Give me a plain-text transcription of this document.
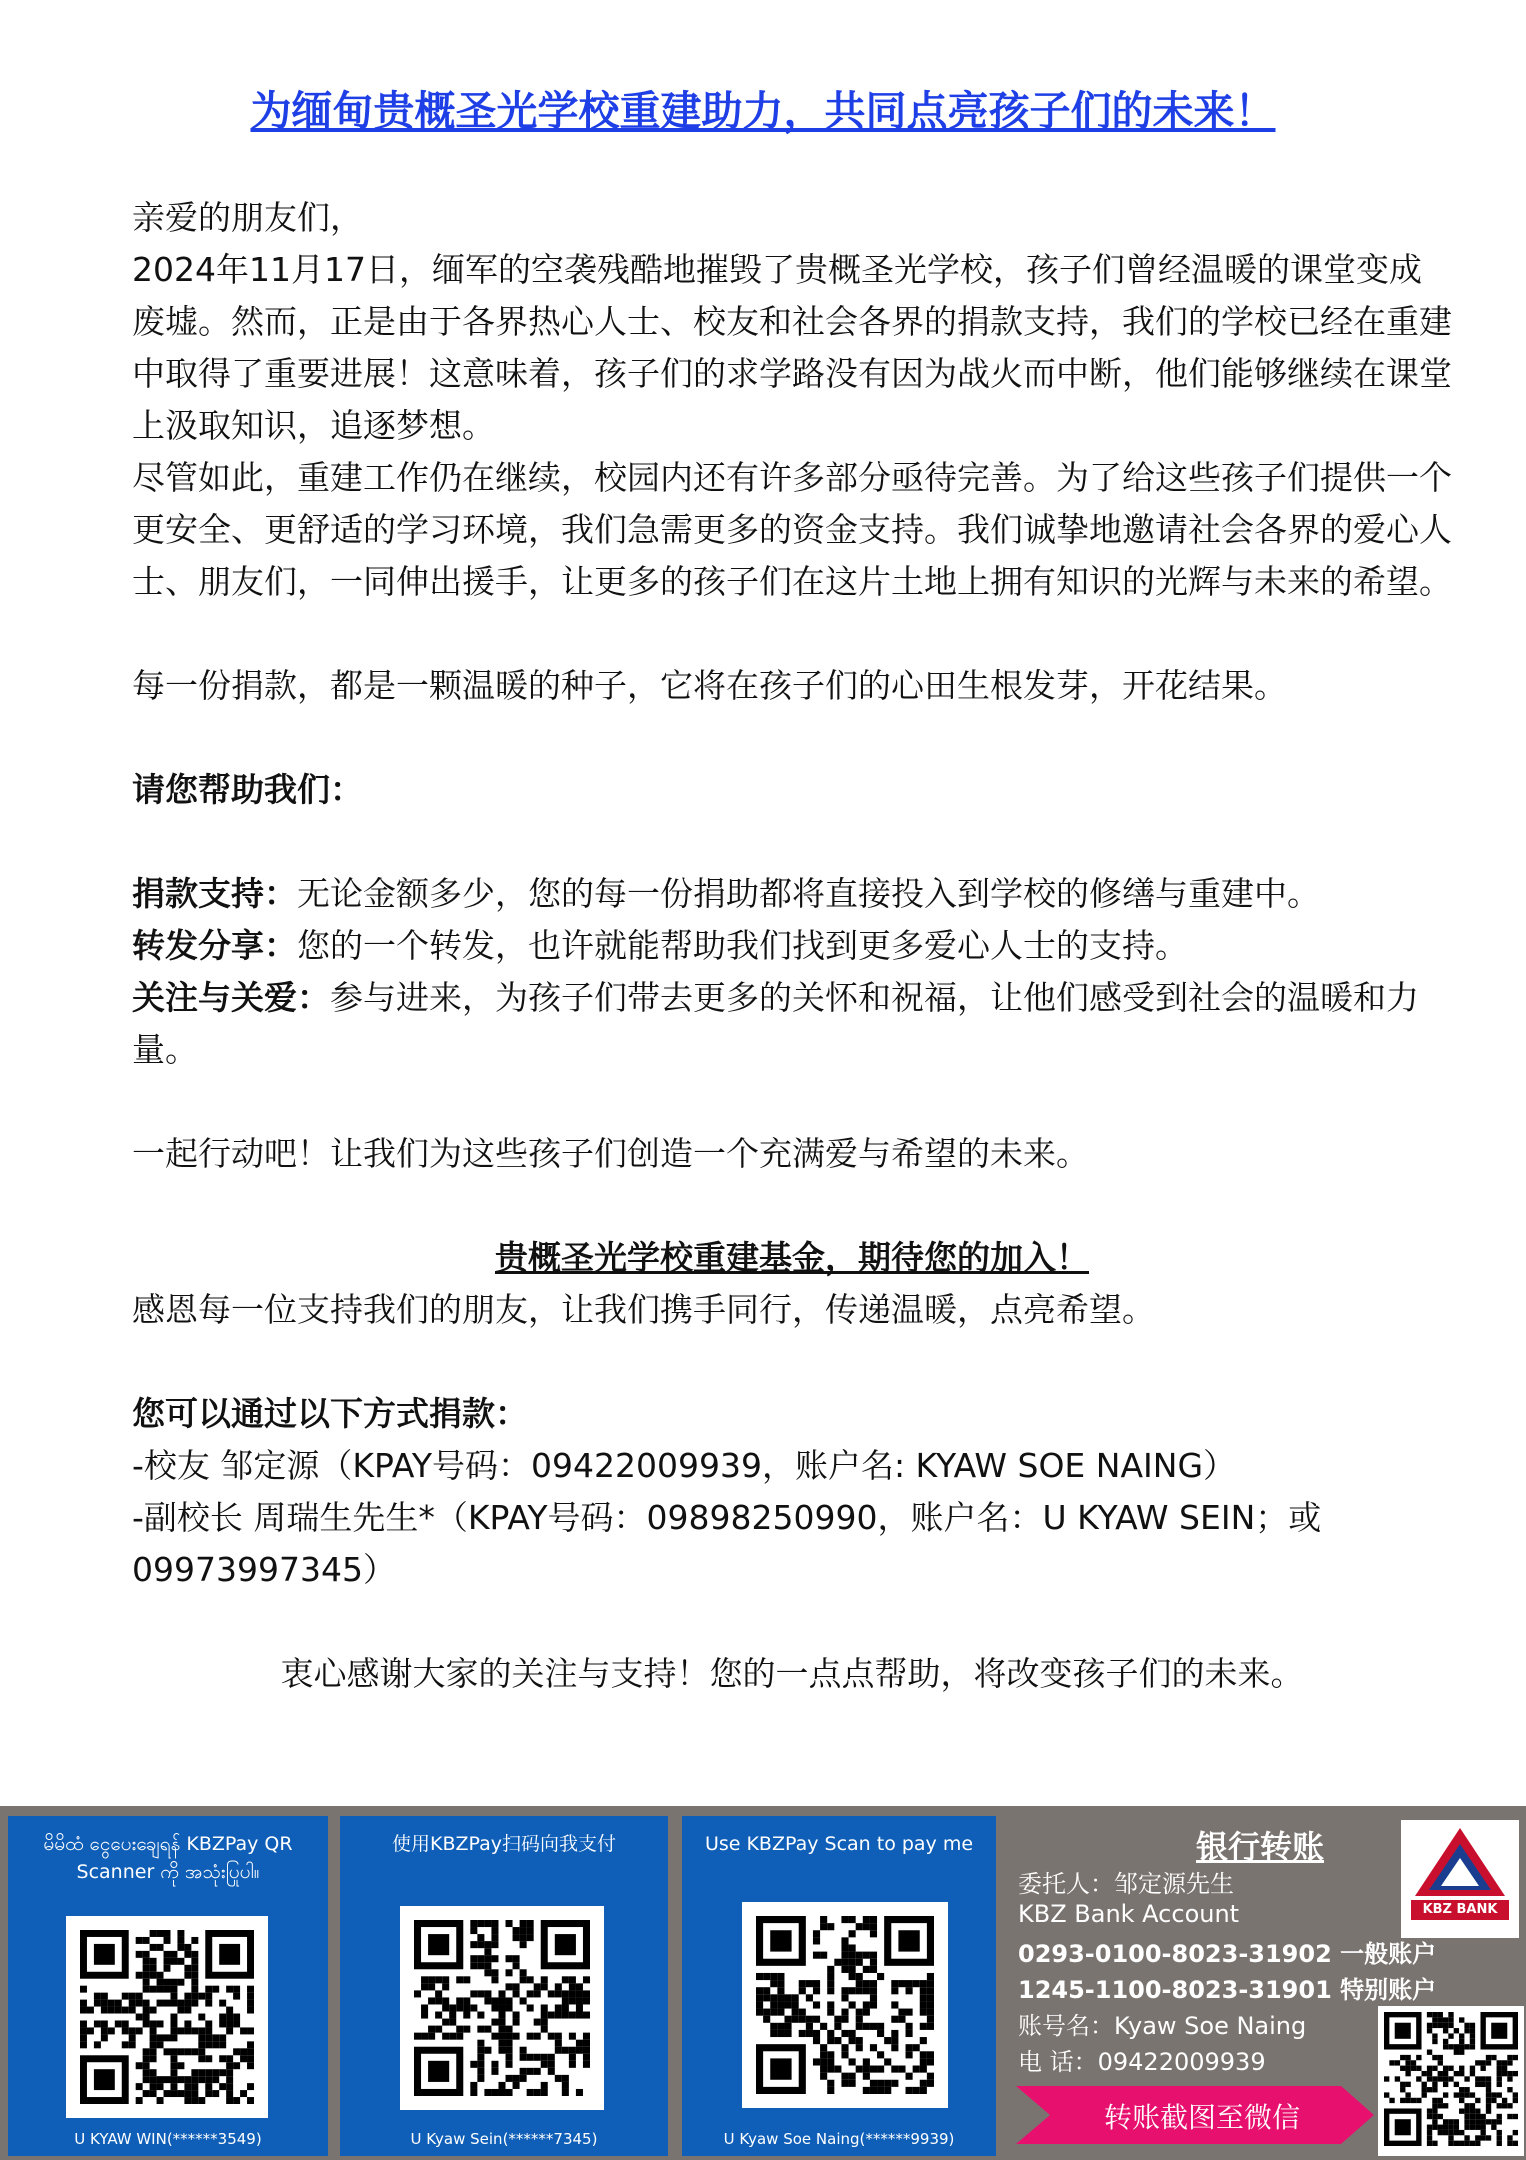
为缅甸贵概圣光学校重建助力，共同点亮孩子们的未来！

亲爱的朋友们，

2024年11月17日，缅军的空袭残酷地摧毁了贵概圣光学校，孩子们曾经温暖的课堂变成废墟。然而，正是由于各界热心人士、校友和社会各界的捐款支持，我们的学校已经在重建中取得了重要进展！这意味着，孩子们的求学路没有因为战火而中断，他们能够继续在课堂上汲取知识，追逐梦想。

尽管如此，重建工作仍在继续，校园内还有许多部分亟待完善。为了给这些孩子们提供一个更安全、更舒适的学习环境，我们急需更多的资金支持。我们诚挚地邀请社会各界的爱心人士、朋友们，一同伸出援手，让更多的孩子们在这片土地上拥有知识的光辉与未来的希望。

每一份捐款，都是一颗温暖的种子，它将在孩子们的心田生根发芽，开花结果。

请您帮助我们：

捐款支持：无论金额多少，您的每一份捐助都将直接投入到学校的修缮与重建中。

转发分享：您的一个转发，也许就能帮助我们找到更多爱心人士的支持。

关注与关爱：参与进来，为孩子们带去更多的关怀和祝福，让他们感受到社会的温暖和力量。

一起行动吧！让我们为这些孩子们创造一个充满爱与希望的未来。

贵概圣光学校重建基金，期待您的加入！

感恩每一位支持我们的朋友，让我们携手同行，传递温暖，点亮希望。

您可以通过以下方式捐款：

-校友 邹定源（KPAY号码：09422009939，账户名: KYAW SOE NAING）

-副校长 周瑞生先生*（KPAY号码：09898250990，账户名：U KYAW SEIN；或09973997345）

衷心感谢大家的关注与支持！您的一点点帮助，将改变孩子们的未来。

မိမိထံ ငွေပေးချေရန် KBZPay QR Scanner ကို အသုံးပြုပါ။
U KYAW WIN(******3549)
使用KBZPay扫码向我支付
U Kyaw Sein(******7345)
Use KBZPay Scan to pay me
U Kyaw Soe Naing(******9939)
银行转账
KBZ BANK
委托人：邹定源先生
KBZ Bank Account
0293-0100-8023-31902 一般账户
1245-1100-8023-31901 特别账户
账号名：Kyaw Soe Naing
电 话：09422009939
转账截图至微信
